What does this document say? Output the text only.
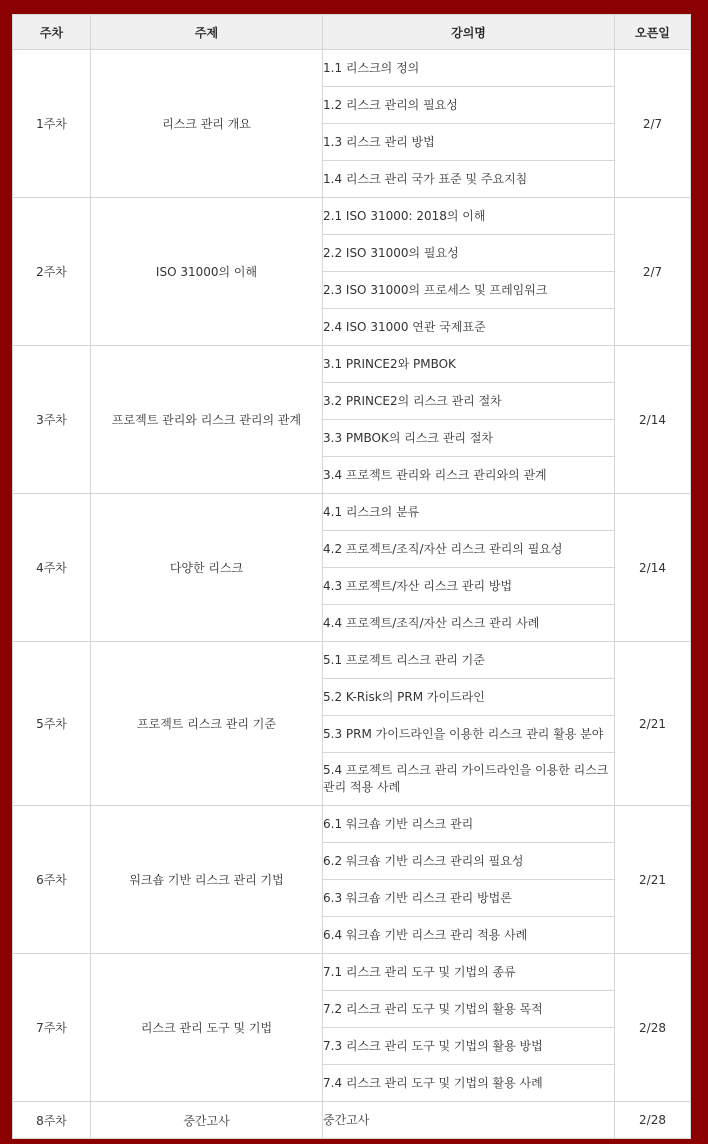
주차	주제	강의명	오픈일
1주차	리스크 관리 개요	1.1 리스크의 정의	2/7
		1.2 리스크 관리의 필요성	
		1.3 리스크 관리 방법	
		1.4 리스크 관리 국가 표준 및 주요지침	
2주차	ISO 31000의 이해	2.1 ISO 31000: 2018의 이해	2/7
		2.2 ISO 31000의 필요성	
		2.3 ISO 31000의 프로세스 및 프레임워크	
		2.4 ISO 31000 연관 국제표준	
3주차	프로젝트 관리와 리스크 관리의 관계	3.1 PRINCE2와 PMBOK	2/14
		3.2 PRINCE2의 리스크 관리 절차	
		3.3 PMBOK의 리스크 관리 절차	
		3.4 프로젝트 관리와 리스크 관리와의 관계	
4주차	다양한 리스크	4.1 리스크의 분류	2/14
		4.2 프로젝트/조직/자산 리스크 관리의 필요성	
		4.3 프로젝트/자산 리스크 관리 방법	
		4.4 프로젝트/조직/자산 리스크 관리 사례	
5주차	프로젝트 리스크 관리 기준	5.1 프로젝트 리스크 관리 기준	2/21
		5.2 K-Risk의 PRM 가이드라인	
		5.3 PRM 가이드라인을 이용한 리스크 관리 활용 분야	
		5.4 프로젝트 리스크 관리 가이드라인을 이용한 리스크 관리 적용 사례	
6주차	워크숍 기반 리스크 관리 기법	6.1 워크숍 기반 리스크 관리	2/21
		6.2 워크숍 기반 리스크 관리의 필요성	
		6.3 워크숍 기반 리스크 관리 방법론	
		6.4 워크숍 기반 리스크 관리 적용 사례	
7주차	리스크 관리 도구 및 기법	7.1 리스크 관리 도구 및 기법의 종류	2/28
		7.2 리스크 관리 도구 및 기법의 활용 목적	
		7.3 리스크 관리 도구 및 기법의 활용 방법	
		7.4 리스크 관리 도구 및 기법의 활용 사례	
8주차	중간고사	중간고사	2/28
